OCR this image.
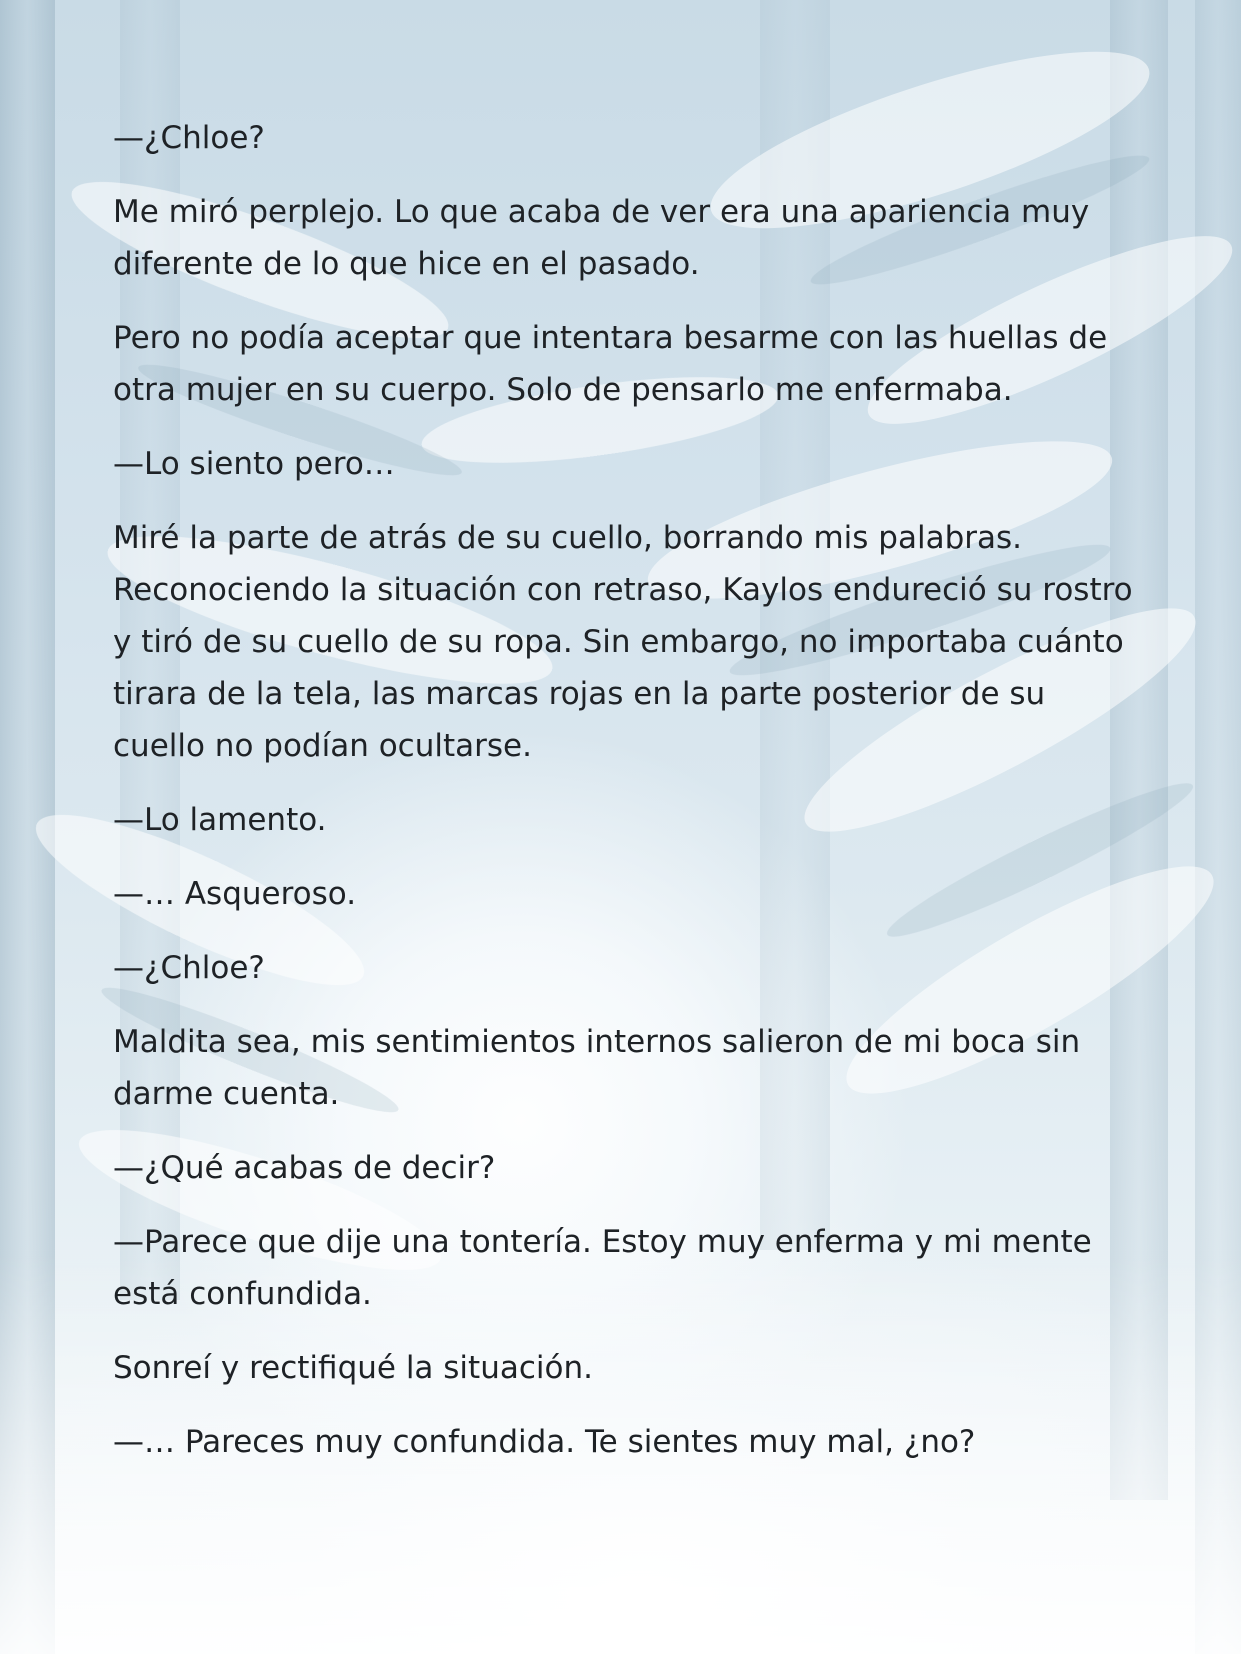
—¿Chloe?

Me miró perplejo. Lo que acaba de ver era una apariencia muy diferente de lo que hice en el pasado.

Pero no podía aceptar que intentara besarme con las huellas de otra mujer en su cuerpo. Solo de pensarlo me enfermaba.

—Lo siento pero…

Miré la parte de atrás de su cuello, borrando mis palabras. Reconociendo la situación con retraso, Kaylos endureció su rostro y tiró de su cuello de su ropa. Sin embargo, no importaba cuánto tirara de la tela, las marcas rojas en la parte posterior de su cuello no podían ocultarse.

—Lo lamento.

—… Asqueroso.

—¿Chloe?

Maldita sea, mis sentimientos internos salieron de mi boca sin darme cuenta.

—¿Qué acabas de decir?

—Parece que dije una tontería. Estoy muy enferma y mi mente está confundida.

Sonreí y rectifiqué la situación.

—… Pareces muy confundida. Te sientes muy mal, ¿no?
